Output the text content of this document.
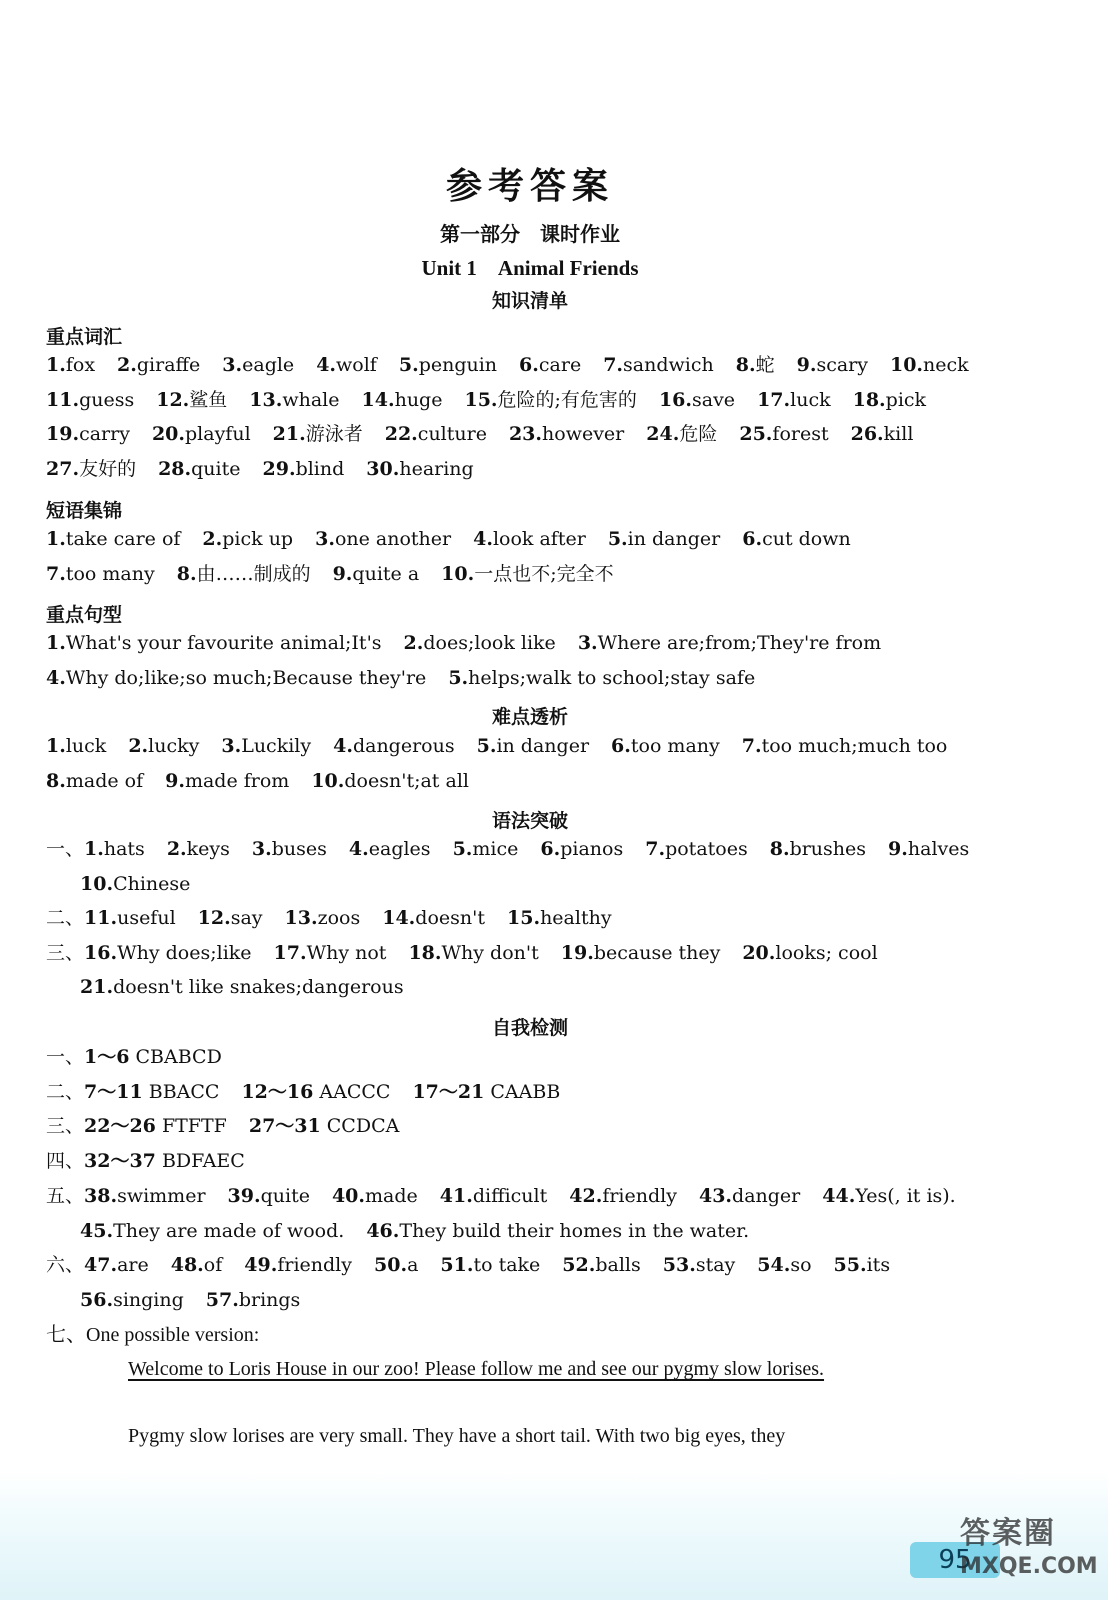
参考答案
第一部分　课时作业
Unit 1　Animal Friends
知识清单
重点词汇
1.fox 2.giraffe 3.eagle 4.wolf 5.penguin 6.care 7.sandwich 8.蛇 9.scary 10.neck
11.guess 12.鲨鱼 13.whale 14.huge 15.危险的;有危害的 16.save 17.luck 18.pick
19.carry 20.playful 21.游泳者 22.culture 23.however 24.危险 25.forest 26.kill
27.友好的 28.quite 29.blind 30.hearing
短语集锦
1.take care of 2.pick up 3.one another 4.look after 5.in danger 6.cut down
7.too many 8.由……制成的 9.quite a 10.一点也不;完全不
重点句型
1.What's your favourite animal;It's 2.does;look like 3.Where are;from;They're from
4.Why do;like;so much;Because they're 5.helps;walk to school;stay safe
难点透析
1.luck 2.lucky 3.Luckily 4.dangerous 5.in danger 6.too many 7.too much;much too
8.made of 9.made from 10.doesn't;at all
语法突破
一、1.hats 2.keys 3.buses 4.eagles 5.mice 6.pianos 7.potatoes 8.brushes 9.halves
10.Chinese
二、11.useful 12.say 13.zoos 14.doesn't 15.healthy
三、16.Why does;like 17.Why not 18.Why don't 19.because they 20.looks; cool
21.doesn't like snakes;dangerous
自我检测
一、1～6 CBABCD
二、7～11 BBACC 12～16 AACCC 17～21 CAABB
三、22～26 FTFTF 27～31 CCDCA
四、32～37 BDFAEC
五、38.swimmer 39.quite 40.made 41.difficult 42.friendly 43.danger 44.Yes(, it is).
45.They are made of wood. 46.They build their homes in the water.
六、47.are 48.of 49.friendly 50.a 51.to take 52.balls 53.stay 54.so 55.its
56.singing 57.brings
七、One possible version:
Welcome to Loris House in our zoo! Please follow me and see our pygmy slow lorises.
Pygmy slow lorises are very small. They have a short tail. With two big eyes, they
95
答案圈
MXQE.COM
